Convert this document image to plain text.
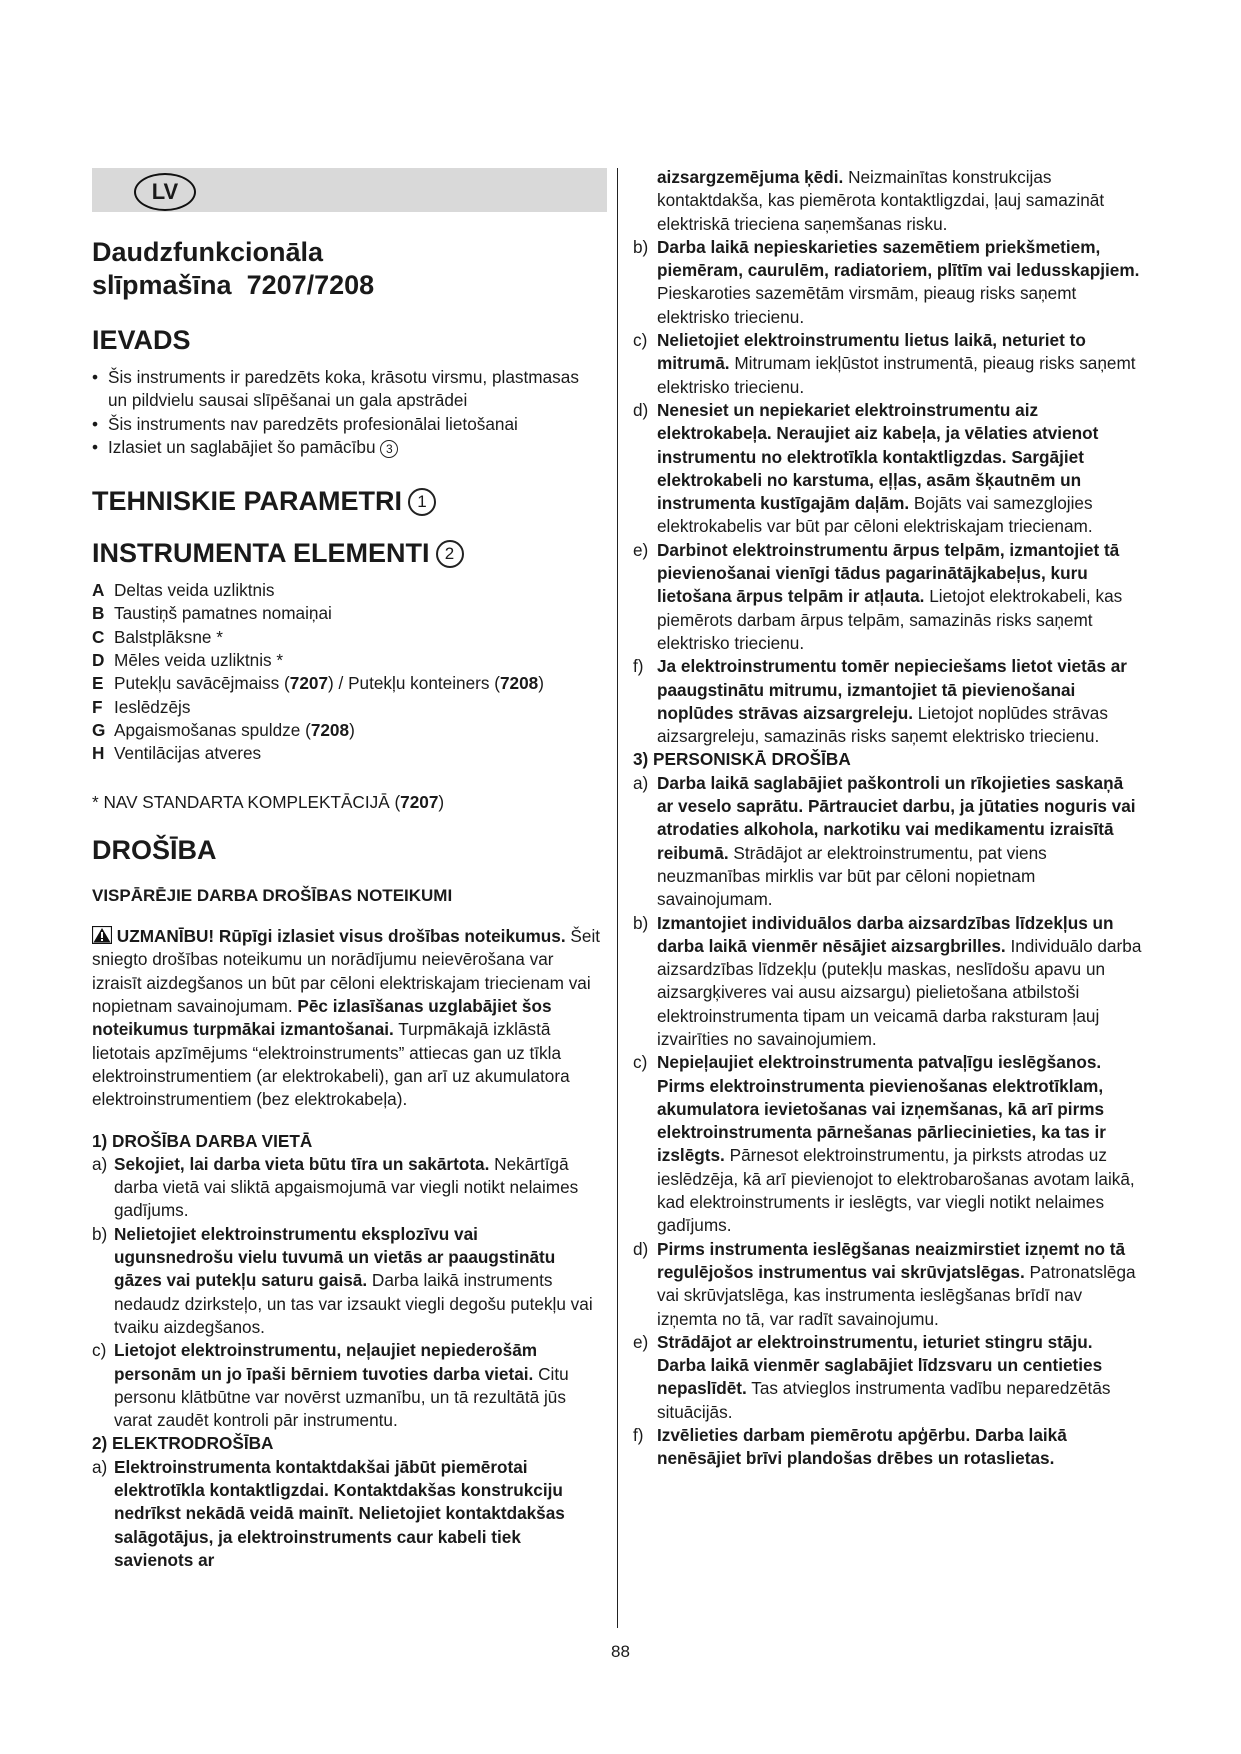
LV
Daudzfunkcionāla
slīpmašīna  7207/7208
IEVADS
• Šis instruments ir paredzēts koka, krāsotu virsmu, plastmasas un pildvielu sausai slīpēšanai un gala apstrādei
• Šis instruments nav paredzēts profesionālai lietošanai
• Izlasiet un saglabājiet šo pamācību 3
TEHNISKIE PARAMETRI 1
INSTRUMENTA ELEMENTI 2
A Deltas veida uzliktnis
B Taustiņš pamatnes nomaiņai
C Balstplāksne *
D Mēles veida uzliktnis *
E Putekļu savācējmaiss (7207) / Putekļu konteiners (7208)
F Ieslēdzējs
G Apgaismošanas spuldze (7208)
H Ventilācijas atveres

* NAV STANDARTA KOMPLEKTĀCIJĀ (7207)

DROŠĪBA
VISPĀRĒJIE DARBA DROŠĪBAS NOTEIKUMI

UZMANĪBU! Rūpīgi izlasiet visus drošības noteikumus. Šeit sniegto drošības noteikumu un norādījumu neievērošana var izraisīt aizdegšanos un būt par cēloni elektriskajam triecienam vai nopietnam savainojumam. Pēc izlasīšanas uzglabājiet šos noteikumus turpmākai izmantošanai. Turpmākajā izklāstā lietotais apzīmējums “elektroinstruments” attiecas gan uz tīkla elektroinstrumentiem (ar elektrokabeli), gan arī uz akumulatora elektroinstrumentiem (bez elektrokabeļa).

1) DROŠĪBA DARBA VIETĀ

a) Sekojiet, lai darba vieta būtu tīra un sakārtota. Nekārtīgā darba vietā vai sliktā apgaismojumā var viegli notikt nelaimes gadījums.
b) Nelietojiet elektroinstrumentu eksplozīvu vai ugunsnedrošu vielu tuvumā un vietās ar paaugstinātu gāzes vai putekļu saturu gaisā. Darba laikā instruments nedaudz dzirksteļo, un tas var izsaukt viegli degošu putekļu vai tvaiku aizdegšanos.
c) Lietojot elektroinstrumentu, neļaujiet nepiederošām personām un jo īpaši bērniem tuvoties darba vietai. Citu personu klātbūtne var novērst uzmanību, un tā rezultātā jūs varat zaudēt kontroli pār instrumentu.

2) ELEKTRODROŠĪBA

a) Elektroinstrumenta kontaktdakšai jābūt piemērotai elektrotīkla kontaktligzdai. Kontaktdakšas konstrukciju nedrīkst nekādā veidā mainīt. Nelietojiet kontaktdakšas salāgotājus, ja elektroinstruments caur kabeli tiek savienots ar
aizsargzemējuma ķēdi. Neizmainītas konstrukcijas kontaktdakša, kas piemērota kontaktligzdai, ļauj samazināt elektriskā trieciena saņemšanas risku.
b) Darba laikā nepieskarieties sazemētiem priekšmetiem, piemēram, caurulēm, radiatoriem, plītīm vai ledusskapjiem. Pieskaroties sazemētām virsmām, pieaug risks saņemt elektrisko triecienu.
c) Nelietojiet elektroinstrumentu lietus laikā, neturiet to mitrumā. Mitrumam iekļūstot instrumentā, pieaug risks saņemt elektrisko triecienu.
d) Nenesiet un nepiekariet elektroinstrumentu aiz elektrokabeļa. Neraujiet aiz kabeļa, ja vēlaties atvienot instrumentu no elektrotīkla kontaktligzdas. Sargājiet elektrokabeli no karstuma, eļļas, asām šķautnēm un instrumenta kustīgajām daļām. Bojāts vai samezglojies elektrokabelis var būt par cēloni elektriskajam triecienam.
e) Darbinot elektroinstrumentu ārpus telpām, izmantojiet tā pievienošanai vienīgi tādus pagarinātājkabeļus, kuru lietošana ārpus telpām ir atļauta. Lietojot elektrokabeli, kas piemērots darbam ārpus telpām, samazinās risks saņemt elektrisko triecienu.
f) Ja elektroinstrumentu tomēr nepieciešams lietot vietās ar paaugstinātu mitrumu, izmantojiet tā pievienošanai noplūdes strāvas aizsargreleju. Lietojot noplūdes strāvas aizsargreleju, samazinās risks saņemt elektrisko triecienu.

3) PERSONISKĀ DROŠĪBA

a) Darba laikā saglabājiet paškontroli un rīkojieties saskaņā ar veselo saprātu. Pārtrauciet darbu, ja jūtaties noguris vai atrodaties alkohola, narkotiku vai medikamentu izraisītā reibumā. Strādājot ar elektroinstrumentu, pat viens neuzmanības mirklis var būt par cēloni nopietnam savainojumam.
b) Izmantojiet individuālos darba aizsardzības līdzekļus un darba laikā vienmēr nēsājiet aizsargbrilles. Individuālo darba aizsardzības līdzekļu (putekļu maskas, neslīdošu apavu un aizsargķiveres vai ausu aizsargu) pielietošana atbilstoši elektroinstrumenta tipam un veicamā darba raksturam ļauj izvairīties no savainojumiem.
c) Nepieļaujiet elektroinstrumenta patvaļīgu ieslēgšanos. Pirms elektroinstrumenta pievienošanas elektrotīklam, akumulatora ievietošanas vai izņemšanas, kā arī pirms elektroinstrumenta pārnešanas pārliecinieties, ka tas ir izslēgts. Pārnesot elektroinstrumentu, ja pirksts atrodas uz ieslēdzēja, kā arī pievienojot to elektrobarošanas avotam laikā, kad elektroinstruments ir ieslēgts, var viegli notikt nelaimes gadījums.
d) Pirms instrumenta ieslēgšanas neaizmirstiet izņemt no tā regulējošos instrumentus vai skrūvjatslēgas. Patronatslēga vai skrūvjatslēga, kas instrumenta ieslēgšanas brīdī nav izņemta no tā, var radīt savainojumu.
e) Strādājot ar elektroinstrumentu, ieturiet stingru stāju. Darba laikā vienmēr saglabājiet līdzsvaru un centieties nepaslīdēt. Tas atvieglos instrumenta vadību neparedzētās situācijās.
f) Izvēlieties darbam piemērotu apģērbu. Darba laikā nenēsājiet brīvi plandošas drēbes un rotaslietas.
88
